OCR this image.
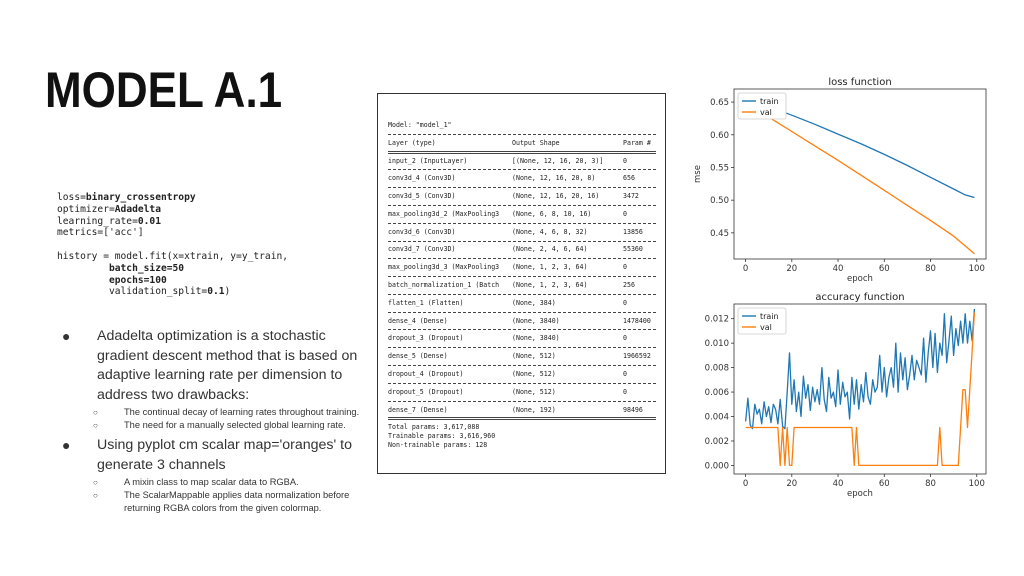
MODEL A.1
loss=binary_crossentropy
optimizer=Adadelta
learning_rate=0.01
metrics=['acc']

history = model.fit(x=xtrain, y=y_train,
batch_size=50
epochs=100
validation_split=0.1)
● Adadelta optimization is a stochastic gradient descent method that is based on adaptive learning rate per dimension to address two drawbacks:
○	The continual decay of learning rates throughout training.
○	The need for a manually selected global learning rate.
● Using pyplot cm scalar map='oranges' to generate 3 channels
○	A mixin class to map scalar data to RGBA.
○	The ScalarMappable applies data normalization before returning RGBA colors from the given colormap.
Model: "model_1"
Layer (type)	Output Shape	Param #
input_2 (InputLayer)	[(None, 12, 16, 20, 3)]	0
conv3d_4 (Conv3D)	(None, 12, 16, 20, 8)	656
conv3d_5 (Conv3D)	(None, 12, 16, 20, 16)	3472
max_pooling3d_2 (MaxPooling3 (None, 6, 8, 10, 16)	0
conv3d_6 (Conv3D)	(None, 4, 6, 8, 32)	13856
conv3d_7 (Conv3D)	(None, 2, 4, 6, 64)	55360
max_pooling3d_3 (MaxPooling3 (None, 1, 2, 3, 64)	0
batch_normalization_1 (Batch (None, 1, 2, 3, 64)	256
flatten_1 (Flatten)	(None, 384)	0
dense_4 (Dense)	(None, 3840)	1478400
dropout_3 (Dropout)	(None, 3840)	0
dense_5 (Dense)	(None, 512)	1966592
dropout_4 (Dropout)	(None, 512)	0
dropout_5 (Dropout)	(None, 512)	0
dense_7 (Dense)	(None, 192)	98496
Total params: 3,617,088
Trainable params: 3,616,960
Non-trainable params: 128
loss function
0	20	40	60	80	100
0.45
0.50
0.55
0.60
0.65
epoch
mse
train
val
accuracy function
0	20	40	60	80	100
0.000
0.002
0.004
0.006
0.008
0.010
0.012
epoch
train
val
